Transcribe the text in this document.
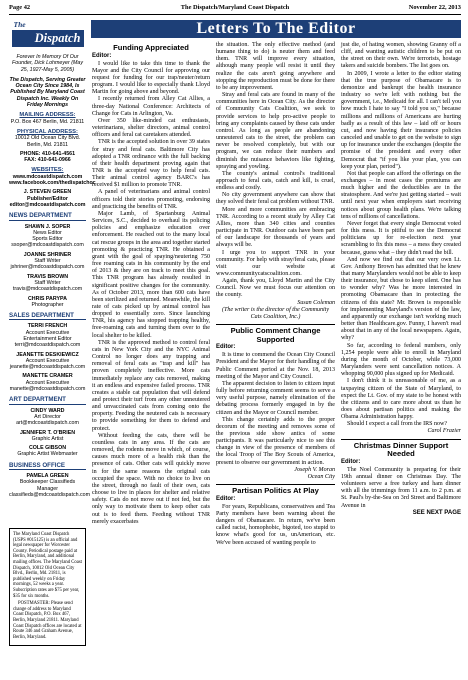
Page 42	The Dispatch/Maryland Coast Dispatch	November 22, 2013
The
Dispatch
Forever In Memory Of Our Founder, Dick Lohmeyer (May 25, 1927-May 5, 2005)
The Dispatch, Serving Greater Ocean City Since 1984, Is Published By Maryland Coast Dispatch Inc. Weekly On Friday Mornings
MAILING ADDRESS:
P.O. Box 467 Berlin, Md. 21811
PHYSICAL ADDRESS:
10012 Old Ocean City Blvd. Berlin, Md. 21811
PHONE: 410-641-4561
FAX: 410-641-0966
WEBSITES:
www.mdcoastdispatch.com
www.facebook.com/thedispatchoc
J. STEVEN GREEN
Publisher/Editor
editor@mdcoastdispatch.com
NEWS DEPARTMENT
SHAWN J. SOPER
News Editor
Sports Editor
ssoper@mdcoastdispatch.com
JOANNE SHRINER
Staff Writer
jshriner@mdcoastdispatch.com
TRAVIS BROWN
Staff Writer
travis@mdcoastdispatch.com
CHRIS PARYPA
Photographer
SALES DEPARTMENT
TERRI FRENCH
Account Executive Entertainment Editor
terri@mdcoastdispatch.com
JEANETTE DESKIEWICZ
Account Executive
jeanette@mdcoastdispatch.com
MANETTE CRAMER
Account Executive
manette@mdcoastdispatch.com
ART DEPARTMENT
CINDY WARD
Art Director
art@mdcoastdispatch.com
JENNIFER T. O'BRIEN
Graphic Artist
COLE GIBSON
Graphic Artist Webmaster
BUSINESS OFFICE
PAMELA GREEN
Bookkeeper Classifieds Manager
classifieds@mdcoastdispatch.com
The Maryland Coast Dispatch (USPS #015125) is an official and legal newspaper for Worcester County. Periodical postage paid at Berlin, Maryland, and additional mailing offices. The Maryland Coast Dispatch, 10012 Old Ocean City Blvd., Berlin, Md. 21811, is published weekly on Friday mornings, 52 weeks a year. Subscription rates are $75 per year, $35 for six months.
POSTMASTER: Please send change of address to Maryland Coast Dispatch, P.O. Box 467, Berlin, Maryland 21811. Maryland Coast Dispatch offices are located at Route 346 and Graham Avenue, Berlin, Maryland.
Letters To The Editor
Funding Appreciated

Editor:

I would like to take this time to thank the Mayor and the City Council for approving our request for funding for our trap/neuter/return program. I would like to especially thank Lloyd Martin for going above and beyond.

I recently returned from Alley Cat Allies, a three-day National Conference: Architects of Change for Cats in Arlington, Va.

Over 350 like-minded cat enthusiasts, veterinarians, shelter directors, animal control officers and feral cat caretakers attended.

TNR is the accepted solution in over 39 states for stray and feral cats. Baltimore City has adopted a TNR ordinance with the full backing of their health department proving again that TNR is the accepted way to help feral cats. Their animal control agency BARC's has received $1 million to promote TNR.

A panel of veterinarians and animal control officers told their stories promoting, endorsing and practicing the benefits of TNR.

Major Lamb, of Spartanburg Animal Services, S.C., decided to overhaul its policing policies and emphasize education over enforcement. He reached out to the many local cat rescue groups in the area and together started promoting & practicing TNR. He obtained a grant with the goal of spaying/neutering 750 free roaming cats in his community by the end of 2013 & they are on track to meet this goal. This TNR program has already resulted in significant positive changes for the community. As of October 2013, more than 600 cats have been sterilized and returned. Meanwhile, the kill rate of cats picked up by animal control has dropped to essentially zero. Since launching TNR, his agency has stopped trapping healthy, free-roaming cats and turning them over to the local shelter to be killed.

TNR is the approved method to control feral cats in New York City and the NYC Animal Control no longer does any trapping and removal of feral cats as "trap and kill" has proven completely ineffective. More cats immediately replace any cats removed, making it an endless and expensive failed process. TNR creates a stable cat population that will defend and protect their turf from any other unneutered and unvaccinated cats from coming onto the property. Feeding the neutered cats is necessary to provide something for them to defend and protect.

Without feeding the cats, there will be countless cats in any area. If the cats are removed, the rodents move in which, of course, causes much more of a health risk than the presence of cats. Other cats will quickly move in for the same reasons the original cats occupied the space. With no choice to live on the street, through no fault of their own, cats choose to live in places for shelter and relative safety. Cats do not move out if not fed, but the only way to motivate them to keep other cats out is to feed them. Feeding without TNR merely exacerbates

the situation. The only effective method (and humane thing to do) is neuter them and feed them. TNR will improve every situation, although many people will resist it until they realize the cats aren't going anywhere and stopping the reproduction must be done for there to be any improvement.

Stray and feral cats are found in many of the communities here in Ocean City. As the director of Community Cats Coalition, we seek to provide services to help pro-active people to bring any complaints caused by these cats under control. As long as people are abandoning unneutered cats to the street, the problem can never be resolved completely, but with our program, we can reduce their numbers and diminish the nuisance behaviors like fighting, spraying and yowling.

The county's animal control's traditional approach to feral cats, catch and kill, is cruel, endless and costly.

No city government anywhere can show that they solved their feral cat problem without TNR.

More and more communities are embracing TNR. According to a recent study by Alley Cat Allies, more than 340 cities and counties participate in TNR. Outdoor cats have been part of our landscape for thousands of years and always will be.

I urge you to support TNR in your community. For help with stray/feral cats, please visit our website at www.communitycatscoalition.com.

Again, thank you, Lloyd Martin and the City Council. Now we must focus our attention on the county.

Susan Coleman

(The writer is the director of the Community Cats Coalition, Inc.)

Public Comment Change Supported

Editor:

It is time to commend the Ocean City Council President and the Mayor for their handling of the Public Comment period at the Nov. 18, 2013 meeting of the Mayor and City Council.

The apparent decision to listen to citizen input fully before returning comment seems to serve a very useful purpose, namely elimination of the debating process formerly engaged in by the citizen and the Mayor or Council member.

This change certainly adds to the proper decorum of the meeting and removes some of the previous side show antics of some participants. It was particularly nice to see this change in view of the presence of members of the local Troop of The Boy Scouts of America, present to observe our government in action.

Joseph V. Moran

Ocean City

Partisan Politics At Play

Editor:

For years, Republicans, conservatives and Tea Party members have been warning about the dangers of Obamacare. In return, we've been called racist, homophobic, bigoted, too stupid to know what's good for us, unAmerican, etc. We've been accused of wanting people to

just die, of hating women, showing Granny off a cliff, and wanting autistic children to be put on the street on their own. We're terrorists, hostage takers and suicide bombers. The list goes on.

In 2009, I wrote a letter to the editor stating that the true purpose of Obamacare is to demonize and bankrupt the health insurance industry so we're left with nothing but the government, i.e., Medicaid for all. I can't tell you how much I hate to say "I told you so," because millions and millions of Americans are hurting badly as a result of this law – laid off or hours cut, and now having their insurance policies canceled and unable to get on the website to sign up for insurance under the exchanges (despite the promise of the president and every other Democrat that "if you like your plan, you can keep your plan, period").

Not that people can afford the offerings on the exchanges – in most cases the premiums are much higher and the deductibles are in the stratosphere. And we're just getting started – wait until next year when employers start receiving notices about group health plans. We're talking tens of millions of cancellations.

Never forget that every single Democrat voted for this mess. It is pitiful to see the Democrat politicians up for re-election next year scrambling to fix this mess – a mess they created because, guess what – they didn't read the bill.

And now we find out that our very own Lt. Gov. Anthony Brown has admitted that he knew that many Marylanders would not be able to keep their insurance, but chose to keep silent. One has to wonder why? Was he more interested in promoting Obamacare than in protecting the citizens of this state? Mr. Brown is responsible for implementing Maryland's version of the law, and apparently our exchange isn't working much better than Healthcare.gov. Funny, I haven't read about that in any of the local newspapers. Again, why?

So far, according to federal numbers, only 1,254 people were able to enroll in Maryland during the month of October, while 73,000 Marylanders were sent cancellation notices. A whopping 90,000 plus signed up for Medicaid.

I don't think it is unreasonable of me, as a taxpaying citizen of the State of Maryland, to expect the Lt. Gov. of my state to be honest with the citizens and to care more about us than he does about partisan politics and making the Obama Administration happy.

Should I expect a call from the IRS now?

Carol Frazier

Christmas Dinner Support Needed

Editor:

The Noel Community is preparing for their 19th annual dinner on Christmas Day. The volunteers serve a free turkey and ham dinner with all the trimmings from 11 a.m. to 2 p.m. at St. Paul's by-the-Sea on 3rd Street and Baltimore Avenue in

SEE NEXT PAGE
